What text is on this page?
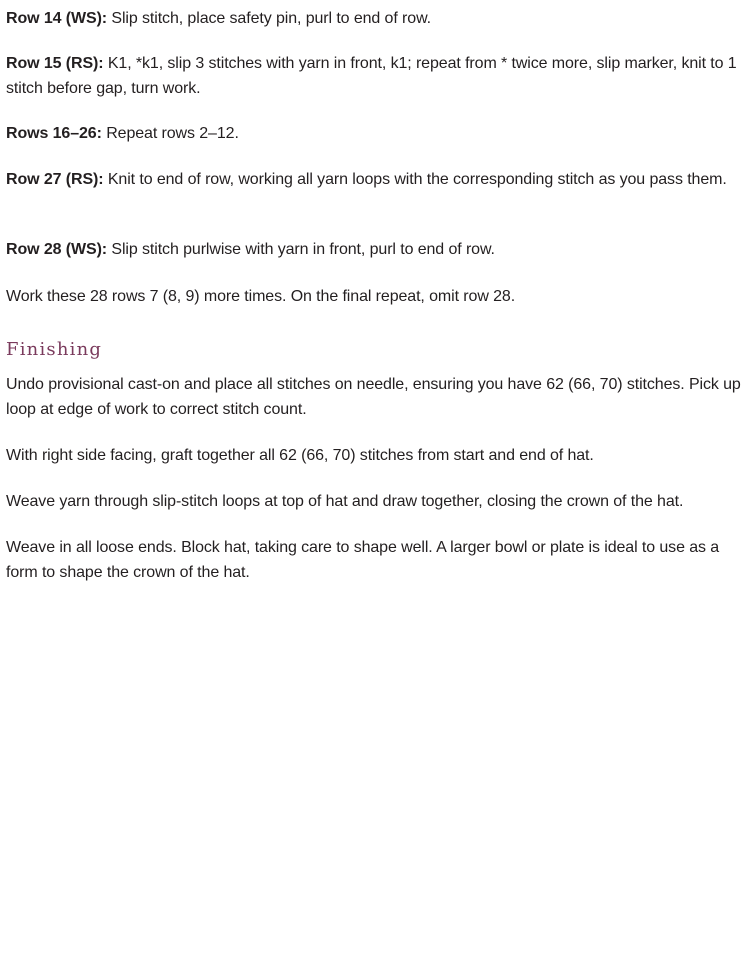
Row 14 (WS): Slip stitch, place safety pin, purl to end of row.

Row 15 (RS): K1, *k1, slip 3 stitches with yarn in front, k1; repeat from * twice more, slip marker, knit to 1 stitch before gap, turn work.

Rows 16–26: Repeat rows 2–12.

Row 27 (RS): Knit to end of row, working all yarn loops with the corresponding stitch as you pass them.

Row 28 (WS): Slip stitch purlwise with yarn in front, purl to end of row.

Work these 28 rows 7 (8, 9) more times. On the final repeat, omit row 28.

Finishing

Undo provisional cast-on and place all stitches on needle, ensuring you have 62 (66, 70) stitches. Pick up loop at edge of work to correct stitch count.

With right side facing, graft together all 62 (66, 70) stitches from start and end of hat.

Weave yarn through slip-stitch loops at top of hat and draw together, closing the crown of the hat.

Weave in all loose ends. Block hat, taking care to shape well. A larger bowl or plate is ideal to use as a form to shape the crown of the hat.
